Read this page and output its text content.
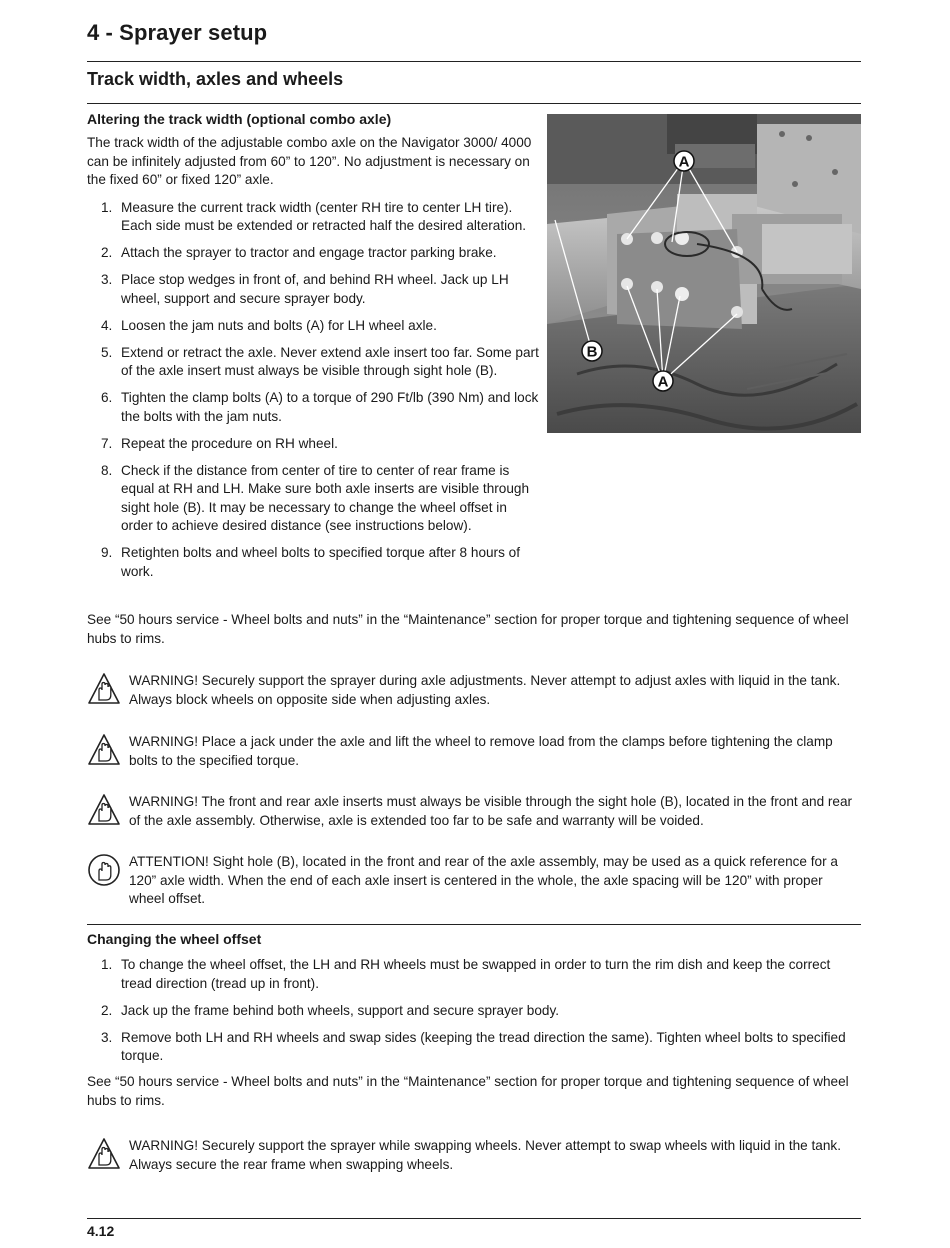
4 - Sprayer setup
Track width, axles and wheels

Altering the track width (optional combo axle)

The track width of the adjustable combo axle on the Navigator 3000/ 4000 can be infinitely adjusted from 60” to 120”. No adjustment is necessary on the fixed 60” or fixed 120” axle.

1. Measure the current track width (center RH tire to center LH tire). Each side must be extended or retracted half the desired alteration.
2. Attach the sprayer to tractor and engage tractor parking brake.
3. Place stop wedges in front of, and behind RH wheel. Jack up LH wheel, support and secure sprayer body.
4. Loosen the jam nuts and bolts (A) for LH wheel axle.
5. Extend or retract the axle. Never extend axle insert too far. Some part of the axle insert must always be visible through sight hole (B).
6. Tighten the clamp bolts (A) to a torque of 290 Ft/lb (390 Nm) and lock the bolts with the jam nuts.
7. Repeat the procedure on RH wheel.
8. Check if the distance from center of tire to center of rear frame is equal at RH and LH. Make sure both axle inserts are visible through sight hole (B). It may be necessary to change the wheel offset in order to achieve desired distance (see instructions below).
9. Retighten bolts and wheel bolts to specified torque after 8 hours of work.
A
A
B

See “50 hours service - Wheel bolts and nuts” in the “Maintenance” section for proper torque and tightening sequence of wheel hubs to rims.

WARNING! Securely support the sprayer during axle adjustments. Never attempt to adjust axles with liquid in the tank. Always block wheels on opposite side when adjusting axles.
WARNING! Place a jack under the axle and lift the wheel to remove load from the clamps before tightening the clamp bolts to the specified torque.
WARNING! The front and rear axle inserts must always be visible through the sight hole (B), located in the front and rear of the axle assembly. Otherwise, axle is extended too far to be safe and warranty will be voided.
ATTENTION! Sight hole (B), located in the front and rear of the axle assembly, may be used as a quick reference for a 120” axle width. When the end of each axle insert is centered in the whole, the axle spacing will be 120” with proper wheel offset.

Changing the wheel offset

1. To change the wheel offset, the LH and RH wheels must be swapped in order to turn the rim dish and keep the correct tread direction (tread up in front).
2. Jack up the frame behind both wheels, support and secure sprayer body.
3. Remove both LH and RH wheels and swap sides (keeping the tread direction the same). Tighten wheel bolts to specified torque.

See “50 hours service - Wheel bolts and nuts” in the “Maintenance” section for proper torque and tightening sequence of wheel hubs to rims.

WARNING! Securely support the sprayer while swapping wheels. Never attempt to swap wheels with liquid in the tank. Always secure the rear frame when swapping wheels.
4.12
